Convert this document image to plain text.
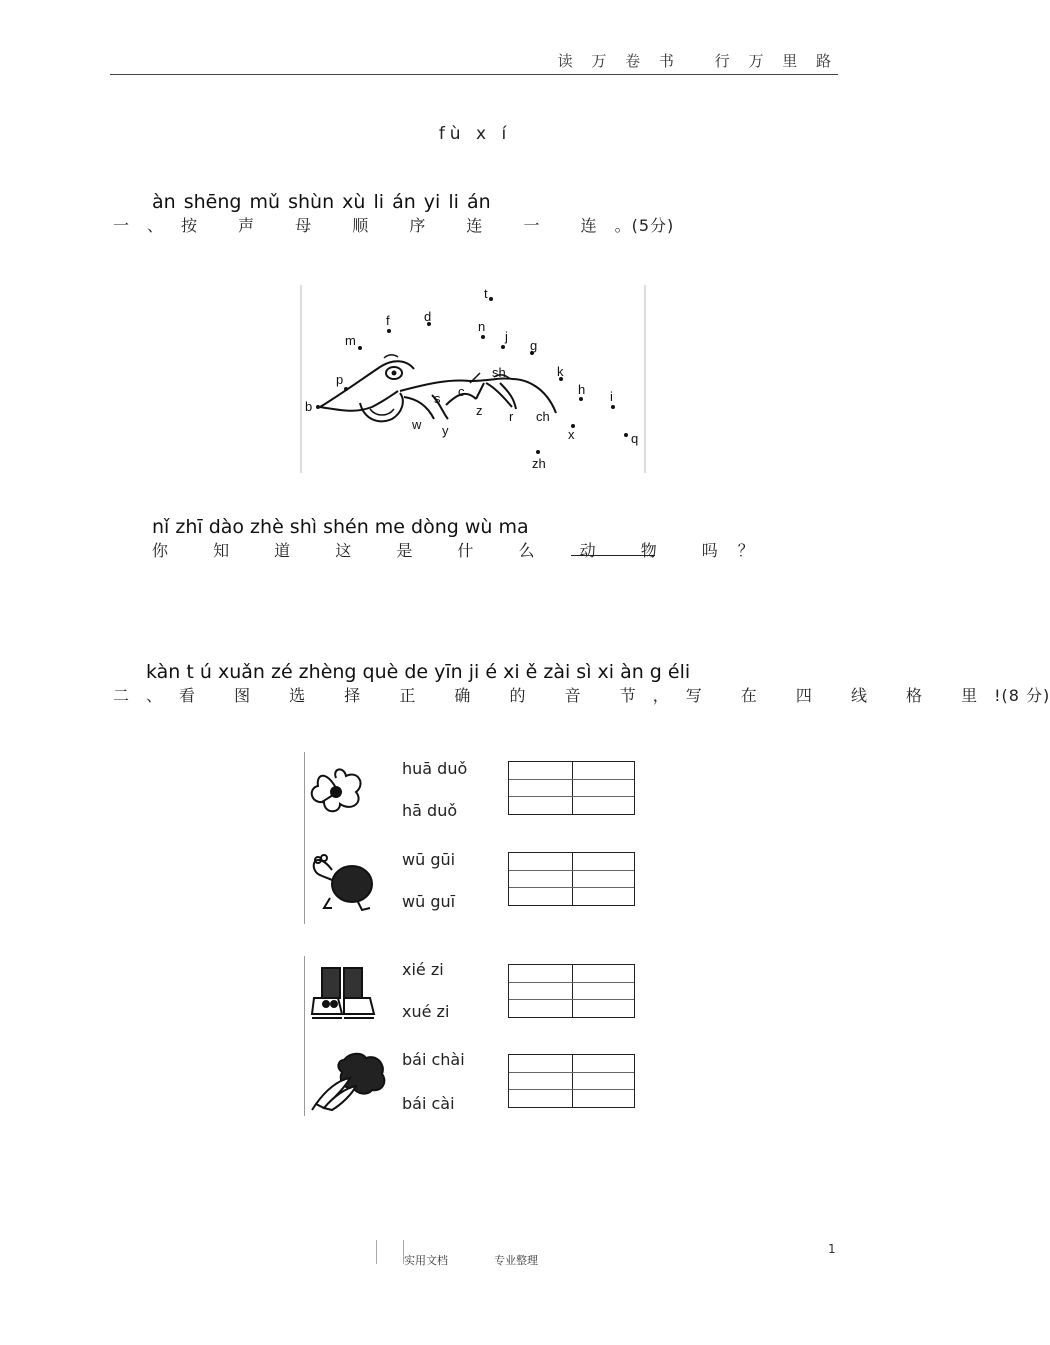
读 万 卷 书　 行 万 里 路
fù x í
àn shēng mǔ shùn xù li án yi li án
一、按 声 母 顺 序 连 一 连。(5分)
t
f	d
n
m	j
g
p	sh	k
h i
b
s c
z r ch
w y	x	q
zh
nǐ zhī dào zhè shì shén me dòng wù ma
你 知 道 这 是 什 么 动 物 吗？
kàn t ú xuǎn zé zhèng què de yīn ji é xi ě zài sì xi àn g éli
二、看 图 选 择 正 确 的 音 节，写 在 四 线 格 里!(8 分)
huā duǒ
hā duǒ
wū gūi
wū guī
xié zi
xué zi
bái chài
bái cài
实用文档	专业整理
1
